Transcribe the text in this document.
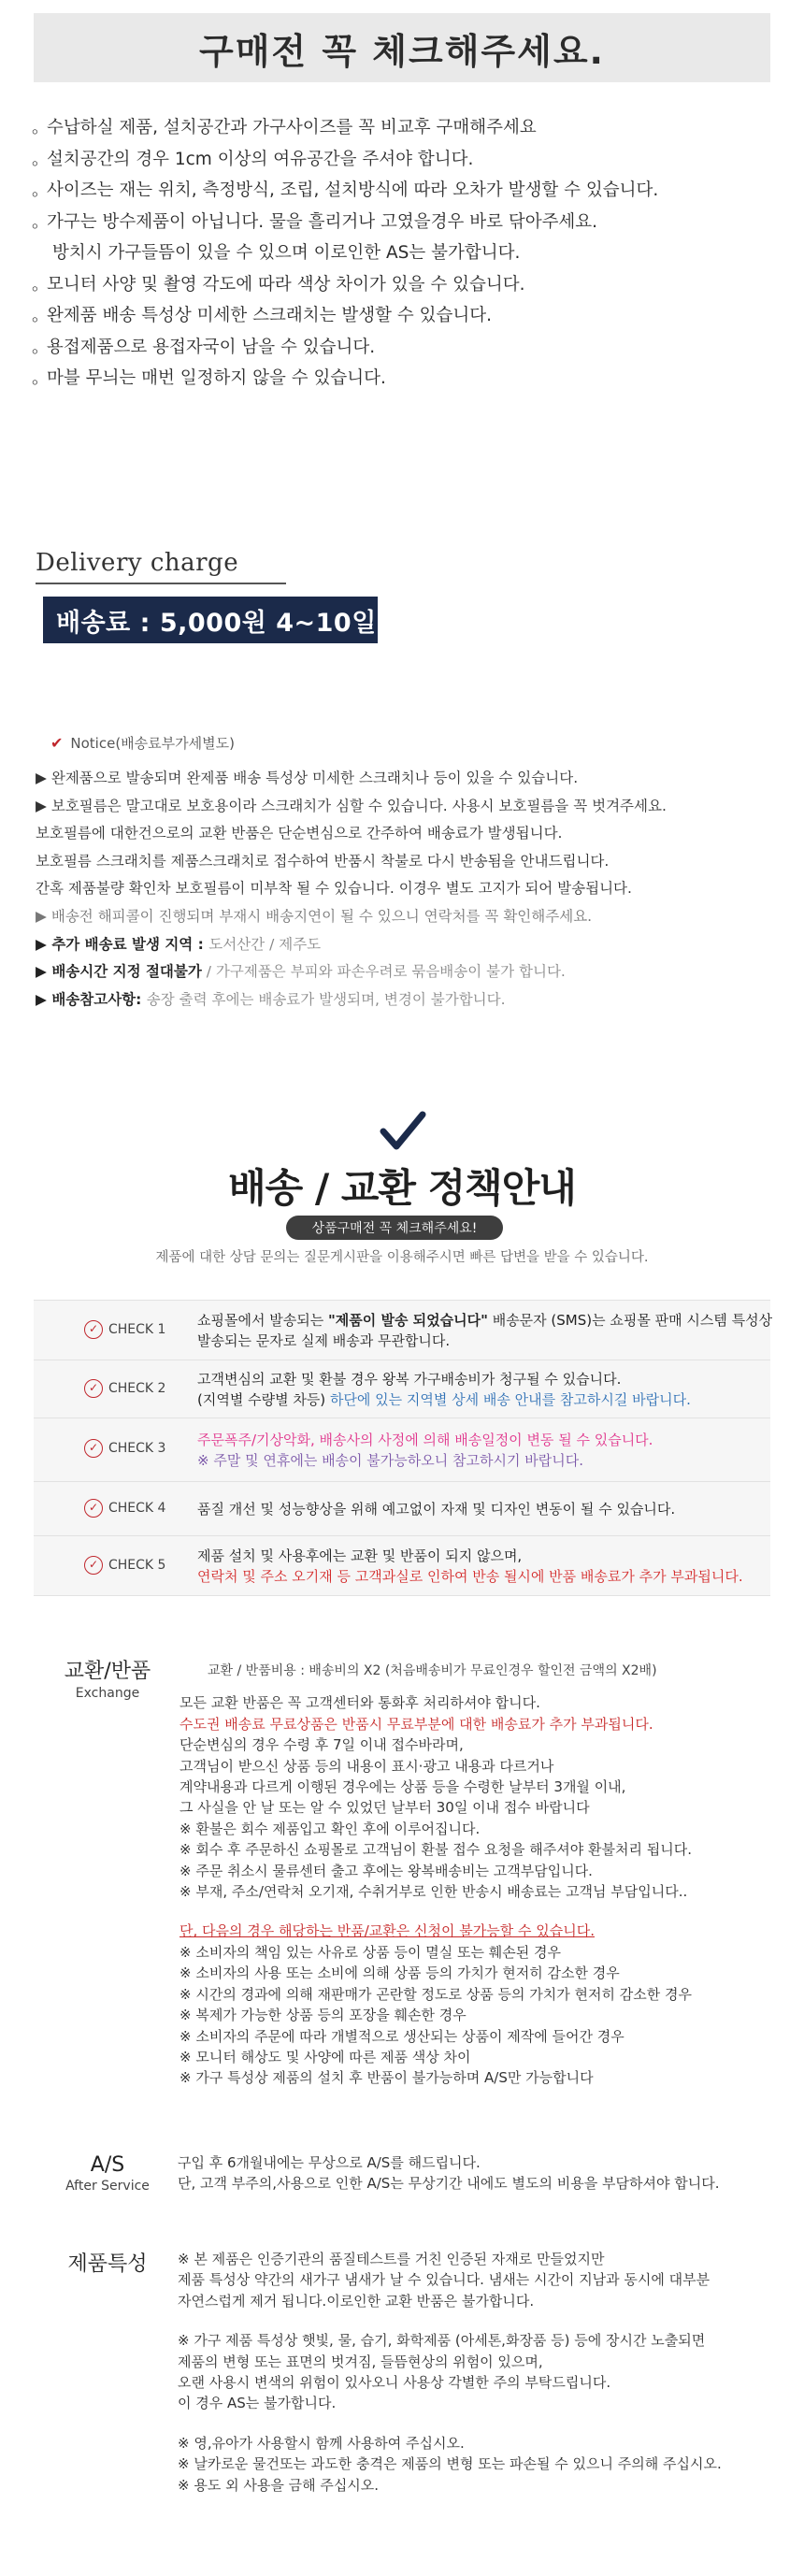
구매전 꼭 체크해주세요.
。수납하실 제품, 설치공간과 가구사이즈를 꼭 비교후 구매해주세요
。설치공간의 경우 1cm 이상의 여유공간을 주셔야 합니다.
。사이즈는 재는 위치, 측정방식, 조립, 설치방식에 따라 오차가 발생할 수 있습니다.
。가구는 방수제품이 아닙니다. 물을 흘리거나 고였을경우 바로 닦아주세요.
방치시 가구들뜸이 있을 수 있으며 이로인한 AS는 불가합니다.
。모니터 사양 및 촬영 각도에 따라 색상 차이가 있을 수 있습니다.
。완제품 배송 특성상 미세한 스크래치는 발생할 수 있습니다.
。용접제품으로 용접자국이 남을 수 있습니다.
。마블 무늬는 매번 일정하지 않을 수 있습니다.
Delivery charge
배송료 : 5,000원 4~10일
✔ Notice(배송료부가세별도)

▶ 완제품으로 발송되며 완제품 배송 특성상 미세한 스크래치나 등이 있을 수 있습니다.

▶ 보호필름은 말고대로 보호용이라 스크래치가 심할 수 있습니다. 사용시 보호필름을 꼭 벗겨주세요.

보호필름에 대한건으로의 교환 반품은 단순변심으로 간주하여 배송료가 발생됩니다.

보호필름 스크래치를 제품스크래치로 접수하여 반품시 착불로 다시 반송됨을 안내드립니다.

간혹 제품불량 확인차 보호필름이 미부착 될 수 있습니다. 이경우 별도 고지가 되어 발송됩니다.

▶ 배송전 해피콜이 진행되며 부재시 배송지연이 될 수 있으니 연락처를 꼭 확인해주세요.

▶ 추가 배송료 발생 지역 : 도서산간 / 제주도

▶ 배송시간 지정 절대불가 / 가구제품은 부피와 파손우려로 묶음배송이 불가 합니다.

▶ 배송참고사항: 송장 출력 후에는 배송료가 발생되며, 변경이 불가합니다.

배송 / 교환 정책안내
상품구매전 꼭 체크해주세요!
제품에 대한 상담 문의는 질문게시판을 이용해주시면 빠른 답변을 받을 수 있습니다.
✓ CHECK 1
쇼핑몰에서 발송되는 "제품이 발송 되었습니다" 배송문자 (SMS)는 쇼핑몰 판매 시스템 특성상
발송되는 문자로 실제 배송과 무관합니다.
✓ CHECK 2
고객변심의 교환 및 환불 경우 왕복 가구배송비가 청구될 수 있습니다.
(지역별 수량별 차등) 하단에 있는 지역별 상세 배송 안내를 참고하시길 바랍니다.
✓ CHECK 3 주문폭주/기상악화, 배송사의 사정에 의해 배송일정이 변동 될 수 있습니다.
※ 주말 및 연휴에는 배송이 불가능하오니 참고하시기 바랍니다.
✓ CHECK 4 품질 개선 및 성능향상을 위해 예고없이 자재 및 디자인 변동이 될 수 있습니다.
✓ CHECK 5
제품 설치 및 사용후에는 교환 및 반품이 되지 않으며,
연락처 및 주소 오기재 등 고객과실로 인하여 반송 될시에 반품 배송료가 추가 부과됩니다.
교환/반품
Exchange

교환 / 반품비용 : 배송비의 X2 (처음배송비가 무료인경우 할인전 금액의 X2배)

모든 교환 반품은 꼭 고객센터와 통화후 처리하셔야 합니다.

수도권 배송료 무료상품은 반품시 무료부분에 대한 배송료가 추가 부과됩니다.

단순변심의 경우 수령 후 7일 이내 접수바라며,

고객님이 받으신 상품 등의 내용이 표시·광고 내용과 다르거나

계약내용과 다르게 이행된 경우에는 상품 등을 수령한 날부터 3개월 이내,

그 사실을 안 날 또는 알 수 있었던 날부터 30일 이내 접수 바랍니다

※ 환불은 회수 제품입고 확인 후에 이루어집니다.

※ 회수 후 주문하신 쇼핑몰로 고객님이 환불 접수 요청을 해주셔야 환불처리 됩니다.

※ 주문 취소시 물류센터 출고 후에는 왕복배송비는 고객부담입니다.

※ 부재, 주소/연락처 오기재, 수취거부로 인한 반송시 배송료는 고객님 부담입니다..

단, 다음의 경우 해당하는 반품/교환은 신청이 불가능할 수 있습니다.

※ 소비자의 책임 있는 사유로 상품 등이 멸실 또는 훼손된 경우

※ 소비자의 사용 또는 소비에 의해 상품 등의 가치가 현저히 감소한 경우

※ 시간의 경과에 의해 재판매가 곤란할 정도로 상품 등의 가치가 현저히 감소한 경우

※ 복제가 가능한 상품 등의 포장을 훼손한 경우

※ 소비자의 주문에 따라 개별적으로 생산되는 상품이 제작에 들어간 경우

※ 모니터 해상도 및 사양에 따른 제품 색상 차이

※ 가구 특성상 제품의 설치 후 반품이 불가능하며 A/S만 가능합니다

A/S
After Service

구입 후 6개월내에는 무상으로 A/S를 해드립니다.

단, 고객 부주의,사용으로 인한 A/S는 무상기간 내에도 별도의 비용을 부담하셔야 합니다.

제품특성	※ 본 제품은 인증기관의 품질테스트를 거친 인증된 자재로 만들었지만

제품 특성상 약간의 새가구 냄새가 날 수 있습니다. 냄새는 시간이 지남과 동시에 대부분

자연스럽게 제거 됩니다.이로인한 교환 반품은 불가합니다.

※ 가구 제품 특성상 햇빛, 물, 습기, 화학제품 (아세톤,화장품 등) 등에 장시간 노출되면

제품의 변형 또는 표면의 벗겨짐, 들뜸현상의 위험이 있으며,

오랜 사용시 변색의 위험이 있사오니 사용상 각별한 주의 부탁드립니다.

이 경우 AS는 불가합니다.

※ 영,유아가 사용할시 함께 사용하여 주십시오.

※ 날카로운 물건또는 과도한 충격은 제품의 변형 또는 파손될 수 있으니 주의해 주십시오.

※ 용도 외 사용을 금해 주십시오.
